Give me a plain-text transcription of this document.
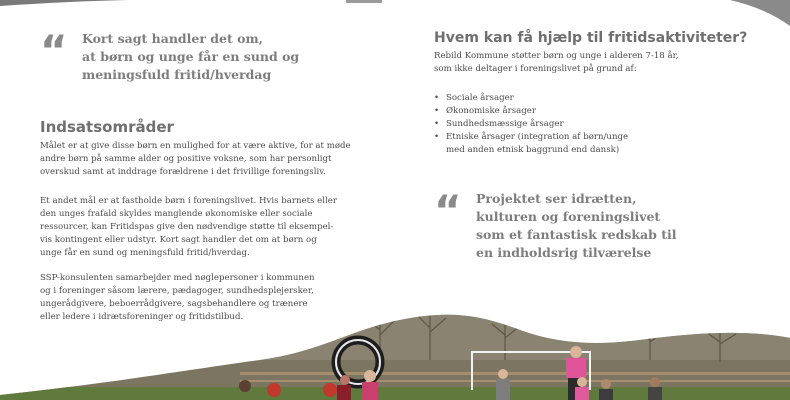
“ Kort sagt handler det om,
at børn og unge får en sund og
meningsfuld fritid/hverdag

Indsatsområder

Målet er at give disse børn en mulighed for at være aktive, for at møde
andre børn på samme alder og positive voksne, som har personligt
overskud samt at inddrage forældrene i det frivillige foreningsliv.

Et andet mål er at fastholde børn i foreningslivet. Hvis barnets eller
den unges frafald skyldes manglende økonomiske eller sociale
ressourcer, kan Fritidspas give den nødvendige støtte til eksempel-
vis kontingent eller udstyr. Kort sagt handler det om at børn og
unge får en sund og meningsfuld fritid/hverdag.

SSP-konsulenten samarbejder med nøglepersoner i kommunen
og i foreninger såsom lærere, pædagoger, sundhedsplejersker,
ungerådgivere, beboerrådgivere, sagsbehandlere og trænere
eller ledere i idrætsforeninger og fritidstilbud.

Hvem kan få hjælp til fritidsaktiviteter?

Rebild Kommune støtter børn og unge i alderen 7-18 år,
som ikke deltager i foreningslivet på grund af:

• Sociale årsager
• Økonomiske årsager
• Sundhedsmæssige årsager
• Etniske årsager (integration af børn/unge
med anden etnisk baggrund end dansk)
“ Projektet ser idrætten,
kulturen og foreningslivet
som et fantastisk redskab til
en indholdsrig tilværelse
